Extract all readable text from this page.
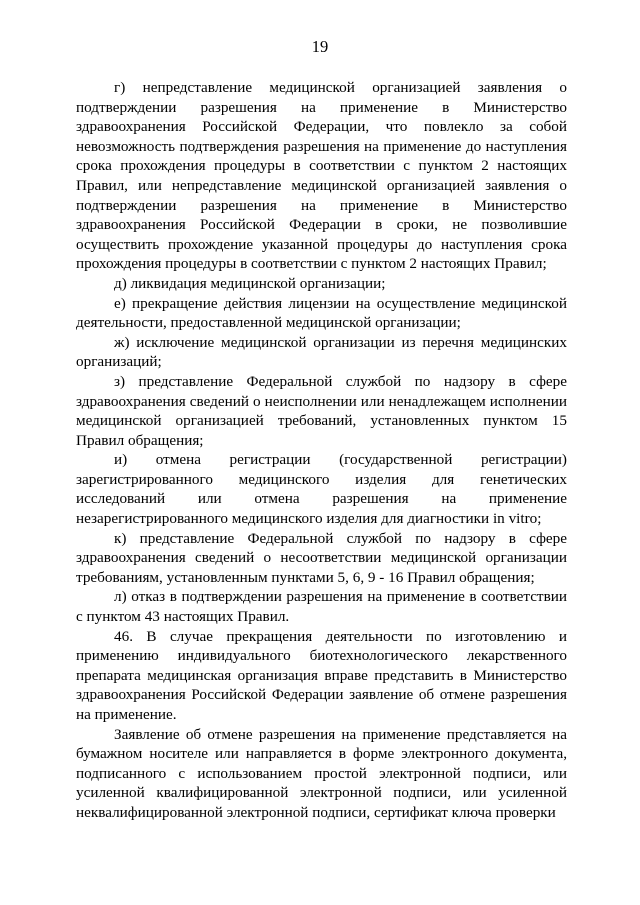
19

г) непредставление медицинской организацией заявления о подтверждении разрешения на применение в Министерство здравоохранения Российской Федерации, что повлекло за собой невозможность подтверждения разрешения на применение до наступления срока прохождения процедуры в соответствии с пунктом 2 настоящих Правил, или непредставление медицинской организацией заявления о подтверждении разрешения на применение в Министерство здравоохранения Российской Федерации в сроки, не позволившие осуществить прохождение указанной процедуры до наступления срока прохождения процедуры в соответствии с пунктом 2 настоящих Правил;

д) ликвидация медицинской организации;

е) прекращение действия лицензии на осуществление медицинской деятельности, предоставленной медицинской организации;

ж) исключение медицинской организации из перечня медицинских организаций;

з) представление Федеральной службой по надзору в сфере здравоохранения сведений о неисполнении или ненадлежащем исполнении медицинской организацией требований, установленных пунктом 15 Правил обращения;

и) отмена регистрации (государственной регистрации) зарегистрированного медицинского изделия для генетических исследований или отмена разрешения на применение незарегистрированного медицинского изделия для диагностики in vitro;

к) представление Федеральной службой по надзору в сфере здравоохранения сведений о несоответствии медицинской организации требованиям, установленным пунктами 5, 6, 9 - 16 Правил обращения;

л) отказ в подтверждении разрешения на применение в соответствии с пунктом 43 настоящих Правил.

46. В случае прекращения деятельности по изготовлению и применению индивидуального биотехнологического лекарственного препарата медицинская организация вправе представить в Министерство здравоохранения Российской Федерации заявление об отмене разрешения на применение.

Заявление об отмене разрешения на применение представляется на бумажном носителе или направляется в форме электронного документа, подписанного с использованием простой электронной подписи, или усиленной квалифицированной электронной подписи, или усиленной неквалифицированной электронной подписи, сертификат ключа проверки
